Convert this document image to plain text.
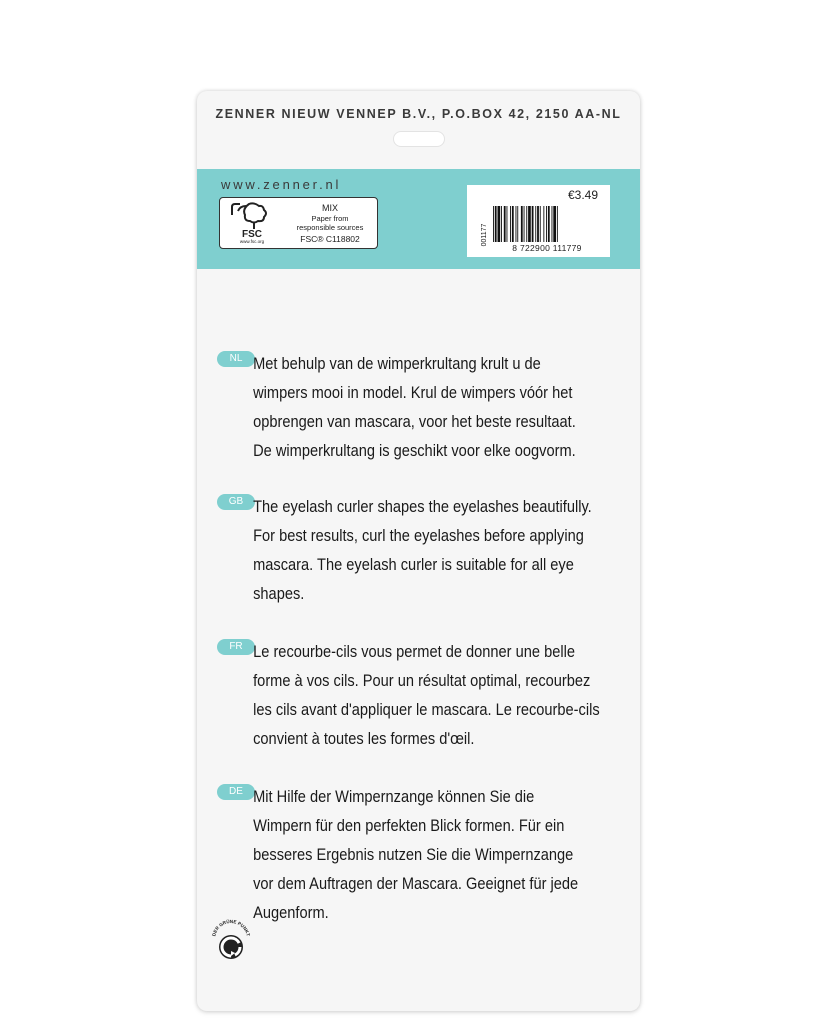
ZENNER NIEUW VENNEP B.V., P.O.BOX 42, 2150 AA-NL
www.zenner.nl
FSC
www.fsc.org
MIX
Paper from
responsible sources
FSC® C118802
€3.49
001177
8 722900 111779
NL Met behulp van de wimperkrultang krult u de
wimpers mooi in model. Krul de wimpers vóór het
opbrengen van mascara, voor het beste resultaat.
De wimperkrultang is geschikt voor elke oogvorm.

GB The eyelash curler shapes the eyelashes beautifully.
For best results, curl the eyelashes before applying
mascara. The eyelash curler is suitable for all eye
shapes.

FR Le recourbe-cils vous permet de donner une belle
forme à vos cils. Pour un résultat optimal, recourbez
les cils avant d'appliquer le mascara. Le recourbe-cils
convient à toutes les formes d'œil.

DE Mit Hilfe der Wimpernzange können Sie die
Wimpern für den perfekten Blick formen. Für ein
besseres Ergebnis nutzen Sie die Wimpernzange
vor dem Auftragen der Mascara. Geeignet für jede
Augenform.

DER GRÜNE PUNKT
